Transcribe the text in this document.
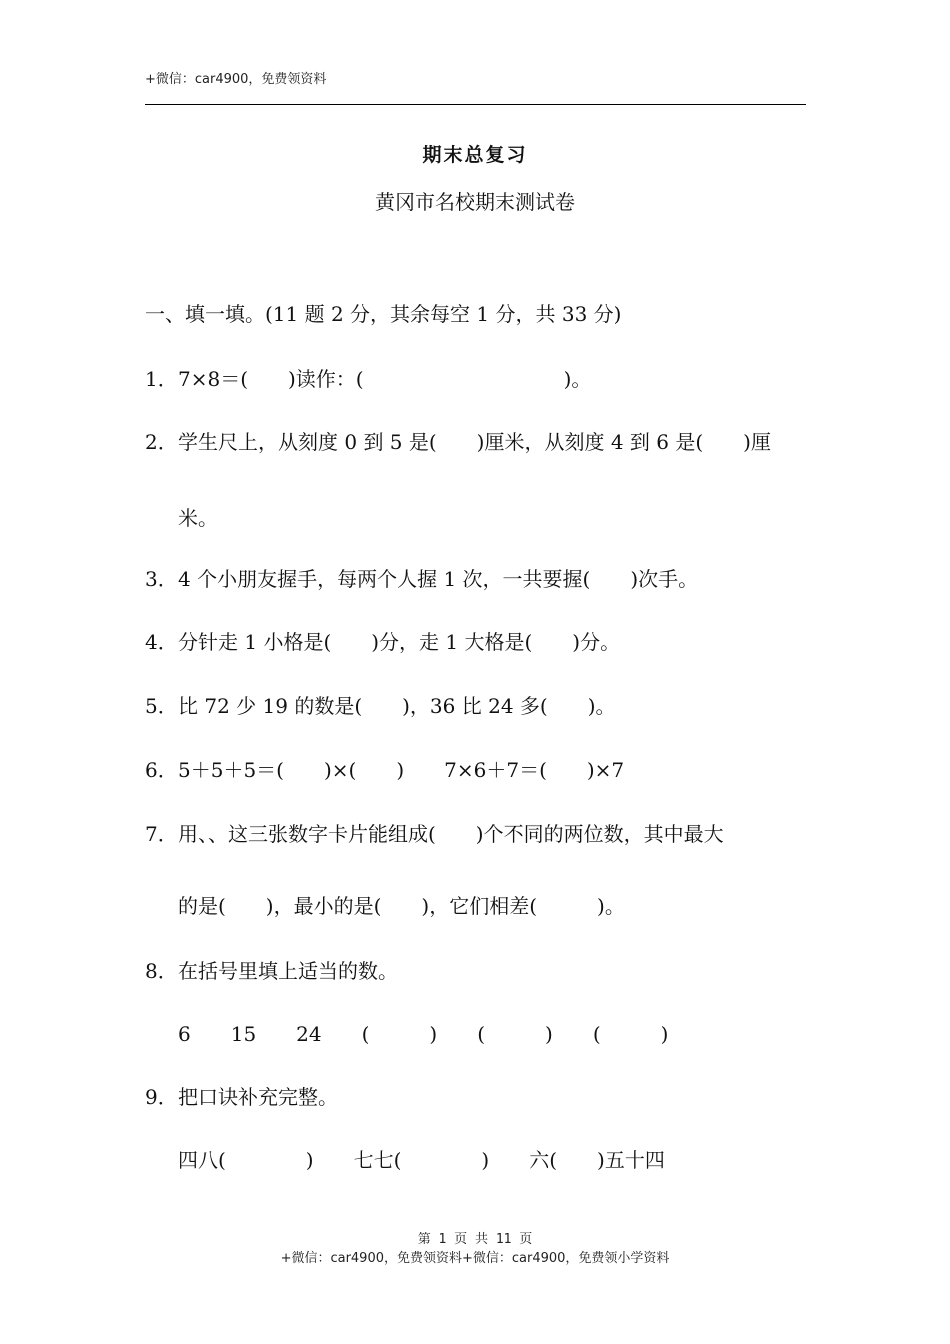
+微信：car4900，免费领资料
期末总复习
黄冈市名校期末测试卷
一、填一填。(11 题 2 分，其余每空 1 分，共 33 分)
1．7×8＝(　　)读作：(　　　　　　　　　　)。
2．学生尺上，从刻度 0 到 5 是(　　)厘米，从刻度 4 到 6 是(　　)厘
米。
3．4 个小朋友握手，每两个人握 1 次，一共要握(　　)次手。
4．分针走 1 小格是(　　)分，走 1 大格是(　　)分。
5．比 72 少 19 的数是(　　)，36 比 24 多(　　)。
6．5＋5＋5＝(　　)×(　　)　　7×6＋7＝(　　)×7
7．用、、这三张数字卡片能组成(　　)个不同的两位数，其中最大
的是(　　)，最小的是(　　)，它们相差(　　　)。
8．在括号里填上适当的数。
6　　15　　24　　(　　　)　　(　　　)　　(　　　)
9．把口诀补充完整。
四八(　　　　)　　七七(　　　　)　　六(　　)五十四
第 1 页 共 11 页
+微信：car4900，免费领资料+微信：car4900，免费领小学资料
